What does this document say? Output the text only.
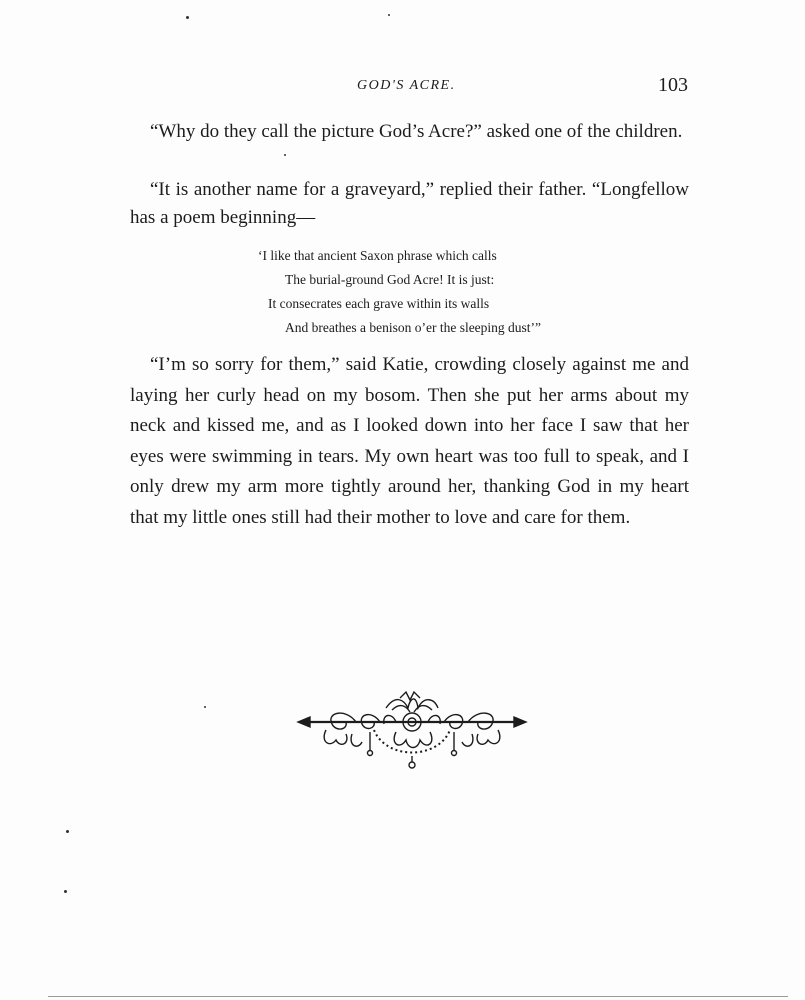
GOD'S ACRE.	103

“Why do they call the picture God’s Acre?” asked one of the children.

“It is another name for a graveyard,” replied their father. “Longfellow has a poem beginning—

‘I like that ancient Saxon phrase which calls
The burial-ground God Acre! It is just:
It consecrates each grave within its walls
And breathes a benison o’er the sleeping dust’”

“I’m so sorry for them,” said Katie, crowding closely against me and laying her curly head on my bosom. Then she put her arms about my neck and kissed me, and as I looked down into her face I saw that her eyes were swimming in tears. My own heart was too full to speak, and I only drew my arm more tightly around her, thanking God in my heart that my little ones still had their mother to love and care for them.
